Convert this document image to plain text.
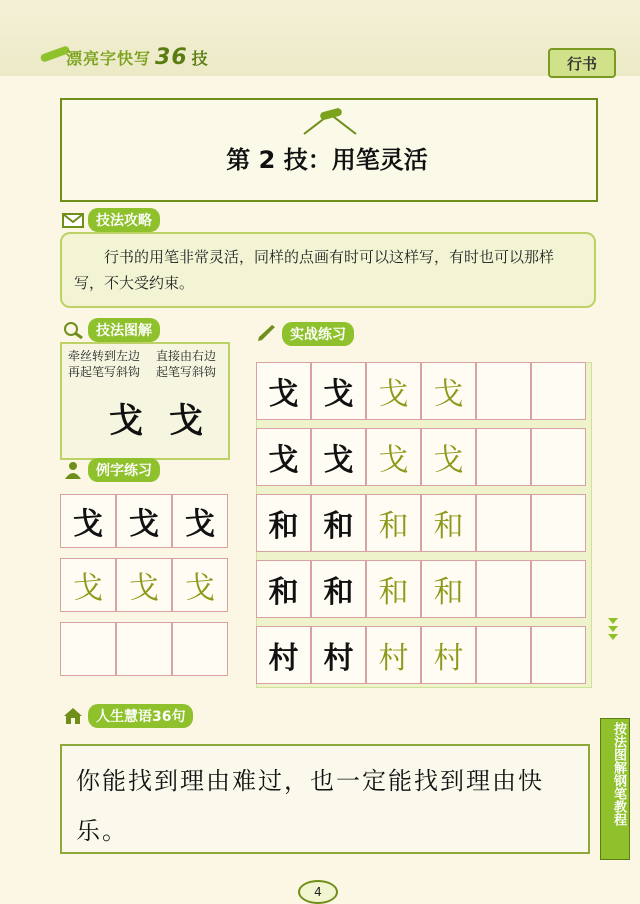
漂亮字快写 36 技	行书
第 2 技：用笔灵活
技法攻略
行书的用笔非常灵活，同样的点画有时可以这样写，有时也可以那样写，不大受约束。
技法图解
牵丝转到左边
再起笔写斜钩
直接由右边
起笔写斜钩
戈 戈
例字练习
戈 戈 戈
戈 戈 戈
实战练习
戈 戈 戈 戈
戈 戈 戈 戈
和 和 和 和
和 和 和 和
村 村 村 村
人生慧语36句
你能找到理由难过，也一定能找到理由快乐。
按法图解钢笔教程
4
